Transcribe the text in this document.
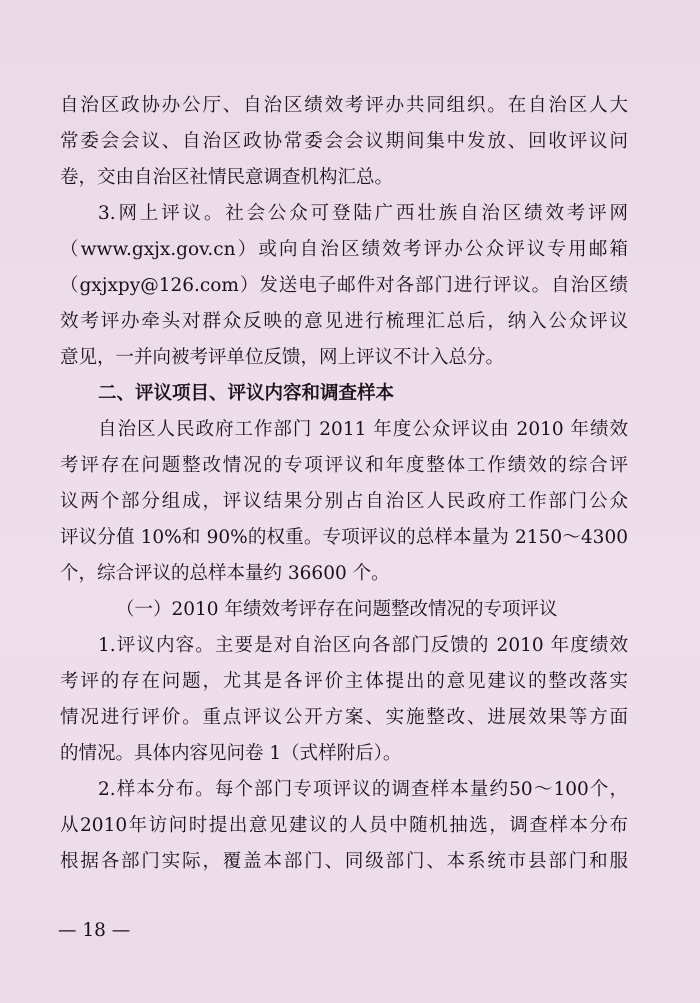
自治区政协办公厅、自治区绩效考评办共同组织。在自治区人大
常委会会议、自治区政协常委会会议期间集中发放、回收评议问
卷，交由自治区社情民意调查机构汇总。
3.网上评议。社会公众可登陆广西壮族自治区绩效考评网
（www.gxjx.gov.cn）或向自治区绩效考评办公众评议专用邮箱
（gxjxpy@126.com）发送电子邮件对各部门进行评议。自治区绩
效考评办牵头对群众反映的意见进行梳理汇总后，纳入公众评议
意见，一并向被考评单位反馈，网上评议不计入总分。
二、评议项目、评议内容和调查样本
自治区人民政府工作部门 2011 年度公众评议由 2010 年绩效
考评存在问题整改情况的专项评议和年度整体工作绩效的综合评
议两个部分组成，评议结果分别占自治区人民政府工作部门公众
评议分值 10%和 90%的权重。专项评议的总样本量为 2150～4300
个，综合评议的总样本量约 36600 个。
（一）2010 年绩效考评存在问题整改情况的专项评议
1.评议内容。主要是对自治区向各部门反馈的 2010 年度绩效
考评的存在问题，尤其是各评价主体提出的意见建议的整改落实
情况进行评价。重点评议公开方案、实施整改、进展效果等方面
的情况。具体内容见问卷 1（式样附后）。
2.样本分布。每个部门专项评议的调查样本量约50～100个，
从2010年访问时提出意见建议的人员中随机抽选，调查样本分布
根据各部门实际，覆盖本部门、同级部门、本系统市县部门和服
— 18 —
